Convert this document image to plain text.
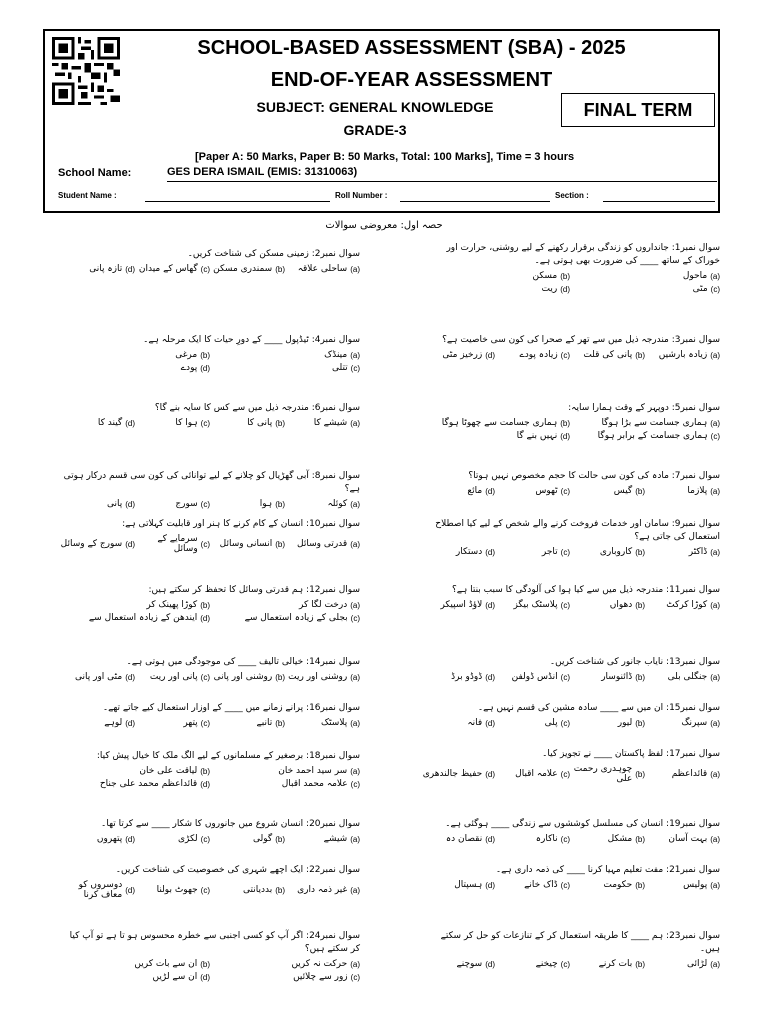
SCHOOL-BASED ASSESSMENT (SBA) - 2025
END-OF-YEAR ASSESSMENT
SUBJECT: GENERAL KNOWLEDGE
GRADE-3
FINAL TERM
[Paper A: 50 Marks, Paper B: 50 Marks, Total: 100 Marks], Time = 3 hours
School Name:	GES DERA ISMAIL (EMIS: 31310063)
Student Name :	Roll Number :	Section :
حصہ اول: معروضی سوالات
سوال نمبر1: جانداروں کو زندگی برقرار رکھنے کے لیے روشنی، حرارت اور خوراک کے ساتھ ____ کی ضرورت بھی ہوتی ہے۔
(a)
ماحول
(b)
مسکن
(c)
مٹی
(d)
ریت
سوال نمبر2: زمینی مسکن کی شناخت کریں۔
(a)
ساحلی علاقہ
(b)
سمندری مسکن
(c)
گھاس کے میدان
(d)
تازہ پانی
سوال نمبر3: مندرجہ ذیل میں سے تھر کے صحرا کی کون سی خاصیت ہے؟
(a)
زیادہ بارشیں
(b)
پانی کی قلت
(c)
زیادہ پودے
(d)
زرخیز مٹی
سوال نمبر4: ٹیڈپول ____ کے دورِ حیات کا ایک مرحلہ ہے۔
(a)
مینڈک
(b)
مرغی
(c)
تتلی
(d)
پودے
سوال نمبر5: دوپہر کے وقت ہمارا سایہ:
(a)
ہماری جسامت سے بڑا ہوگا
(b)
ہماری جسامت سے چھوٹا ہوگا
(c)
ہماری جسامت کے برابر ہوگا
(d)
نہیں بنے گا
سوال نمبر6: مندرجہ ذیل میں سے کس کا سایہ بنے گا؟
(a)
شیشے کا
(b)
پانی کا
(c)
ہوا کا
(d)
گیند کا
سوال نمبر7: مادہ کی کون سی حالت کا حجم مخصوص نہیں ہوتا؟
(a)
پلازما
(b)
گیس
(c)
ٹھوس
(d)
مائع
سوال نمبر8: آبی گھڑیال کو چلانے کے لیے توانائی کی کون سی قسم درکار ہوتی ہے؟
(a)
کوئلہ
(b)
ہوا
(c)
سورج
(d)
پانی
سوال نمبر9: سامان اور خدمات فروخت کرنے والے شخص کے لیے کیا اصطلاح استعمال کی جاتی ہے؟
(a)
ڈاکٹر
(b)
کاروباری
(c)
تاجر
(d)
دستکار
سوال نمبر10: انسان کے کام کرنے کا ہنر اور قابلیت کہلاتی ہے:
(a)
قدرتی وسائل
(b)
انسانی وسائل
(c)
سرمایے کے وسائل
(d)
سورج کے وسائل
سوال نمبر11: مندرجہ ذیل میں سے کیا ہوا کی آلودگی کا سبب بنتا ہے؟
(a)
کوڑا کرکٹ
(b)
دھواں
(c)
پلاسٹک بیگز
(d)
لاؤڈ اسپیکر
سوال نمبر12: ہم قدرتی وسائل کا تحفظ کر سکتے ہیں:
(a)
درخت لگا کر
(b)
کوڑا پھینک کر
(c)
بجلی کے زیادہ استعمال سے
(d)
ایندھن کے زیادہ استعمال سے
سوال نمبر13: نایاب جانور کی شناخت کریں۔
(a)
جنگلی بلی
(b)
ڈائنوسار
(c)
انڈس ڈولفن
(d)
ڈوڈو برڈ
سوال نمبر14: خیالی تالیف ____ کی موجودگی میں ہوتی ہے۔
(a)
روشنی اور ریت
(b)
روشنی اور پانی
(c)
پانی اور ریت
(d)
مٹی اور پانی
سوال نمبر15: ان میں سے ____ سادہ مشین کی قسم نہیں ہے۔
(a)
سپرنگ
(b)
لیور
(c)
پلی
(d)
فانہ
سوال نمبر16: پرانے زمانے میں ____ کے اوزار استعمال کیے جاتے تھے۔
(a)
پلاسٹک
(b)
تانبے
(c)
پتھر
(d)
لوہے
سوال نمبر17: لفظ پاکستان ____ نے تجویز کیا۔
(a)
قائداعظم
(b)
چوہدری رحمت علی
(c)
علامہ اقبال
(d)
حفیظ جالندھری
سوال نمبر18: برصغیر کے مسلمانوں کے لیے الگ ملک کا خیال پیش کیا:
(a)
سر سید احمد خان
(b)
لیاقت علی خان
(c)
علامہ محمد اقبال
(d)
قائداعظم محمد علی جناح
سوال نمبر19: انسان کی مسلسل کوششوں سے زندگی ____ ہوگئی ہے۔
(a)
بہت آسان
(b)
مشکل
(c)
ناکارہ
(d)
نقصان دہ
سوال نمبر20: انسان شروع میں جانوروں کا شکار ____ سے کرتا تھا۔
(a)
شیشے
(b)
گولی
(c)
لکڑی
(d)
پتھروں
سوال نمبر21: مفت تعلیم مہیا کرنا ____ کی ذمہ داری ہے۔
(a)
پولیس
(b)
حکومت
(c)
ڈاک خانے
(d)
ہسپتال
سوال نمبر22: ایک اچھے شہری کی خصوصیت کی شناخت کریں۔
(a)
غیر ذمہ داری
(b)
بددیانتی
(c)
جھوٹ بولنا
(d)
دوسروں کو معاف کرنا
سوال نمبر23: ہم ____ کا طریقہ استعمال کر کے تنازعات کو حل کر سکتے ہیں۔
(a)
لڑائی
(b)
بات کرنے
(c)
چیخنے
(d)
سوچنے
سوال نمبر24: اگر آپ کو کسی اجنبی سے خطرہ محسوس ہو تا ہے تو آپ کیا کر سکتے ہیں؟
(a)
حرکت نہ کریں
(b)
ان سے بات کریں
(c)
زور سے چلائیں
(d)
ان سے لڑیں
